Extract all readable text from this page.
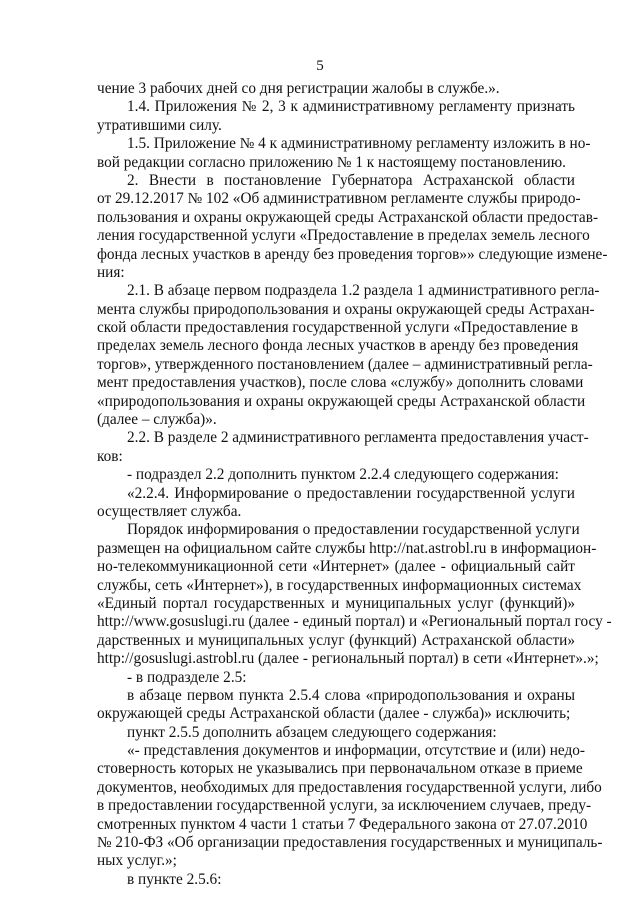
5
чение 3 рабочих дней со дня регистрации жалобы в службе.».
1.4. Приложения № 2, 3 к административному регламенту признать
утратившими силу.
1.5. Приложение № 4 к административному регламенту изложить в но-
вой редакции согласно приложению № 1 к настоящему постановлению.
2. Внести в постановление Губернатора Астраханской области
от 29.12.2017 № 102 «Об административном регламенте службы природо-
пользования и охраны окружающей среды Астраханской области предостав-
ления государственной услуги «Предоставление в пределах земель лесного
фонда лесных участков в аренду без проведения торгов»» следующие измене-
ния:
2.1. В абзаце первом подраздела 1.2 раздела 1 административного регла-
мента службы природопользования и охраны окружающей среды Астрахан-
ской области предоставления государственной услуги «Предоставление в
пределах земель лесного фонда лесных участков в аренду без проведения
торгов», утвержденного постановлением (далее – административный регла-
мент предоставления участков), после слова «службу» дополнить словами
«природопользования и охраны окружающей среды Астраханской области
(далее – служба)».
2.2. В разделе 2 административного регламента предоставления участ-
ков:
- подраздел 2.2 дополнить пунктом 2.2.4 следующего содержания:
«2.2.4. Информирование о предоставлении государственной услуги
осуществляет служба.
Порядок информирования о предоставлении государственной услуги
размещен на официальном сайте службы http://nat.astrobl.ru в информацион-
но-телекоммуникационной сети «Интернет» (далее - официальный сайт
службы, сеть «Интернет»), в государственных информационных системах
«Единый портал государственных и муниципальных услуг (функций)»
http://www.gosuslugi.ru (далее - единый портал) и «Региональный портал госу -
дарственных и муниципальных услуг (функций) Астраханской области»
http://gosuslugi.astrobl.ru (далее - региональный портал) в сети «Интернет».»;
- в подразделе 2.5:
в абзаце первом пункта 2.5.4 слова «природопользования и охраны
окружающей среды Астраханской области (далее - служба)» исключить;
пункт 2.5.5 дополнить абзацем следующего содержания:
«- представления документов и информации, отсутствие и (или) недо-
стоверность которых не указывались при первоначальном отказе в приеме
документов, необходимых для предоставления государственной услуги, либо
в предоставлении государственной услуги, за исключением случаев, преду-
смотренных пунктом 4 части 1 статьи 7 Федерального закона от 27.07.2010
№ 210-ФЗ «Об организации предоставления государственных и муниципаль-
ных услуг.»;
в пункте 2.5.6:
